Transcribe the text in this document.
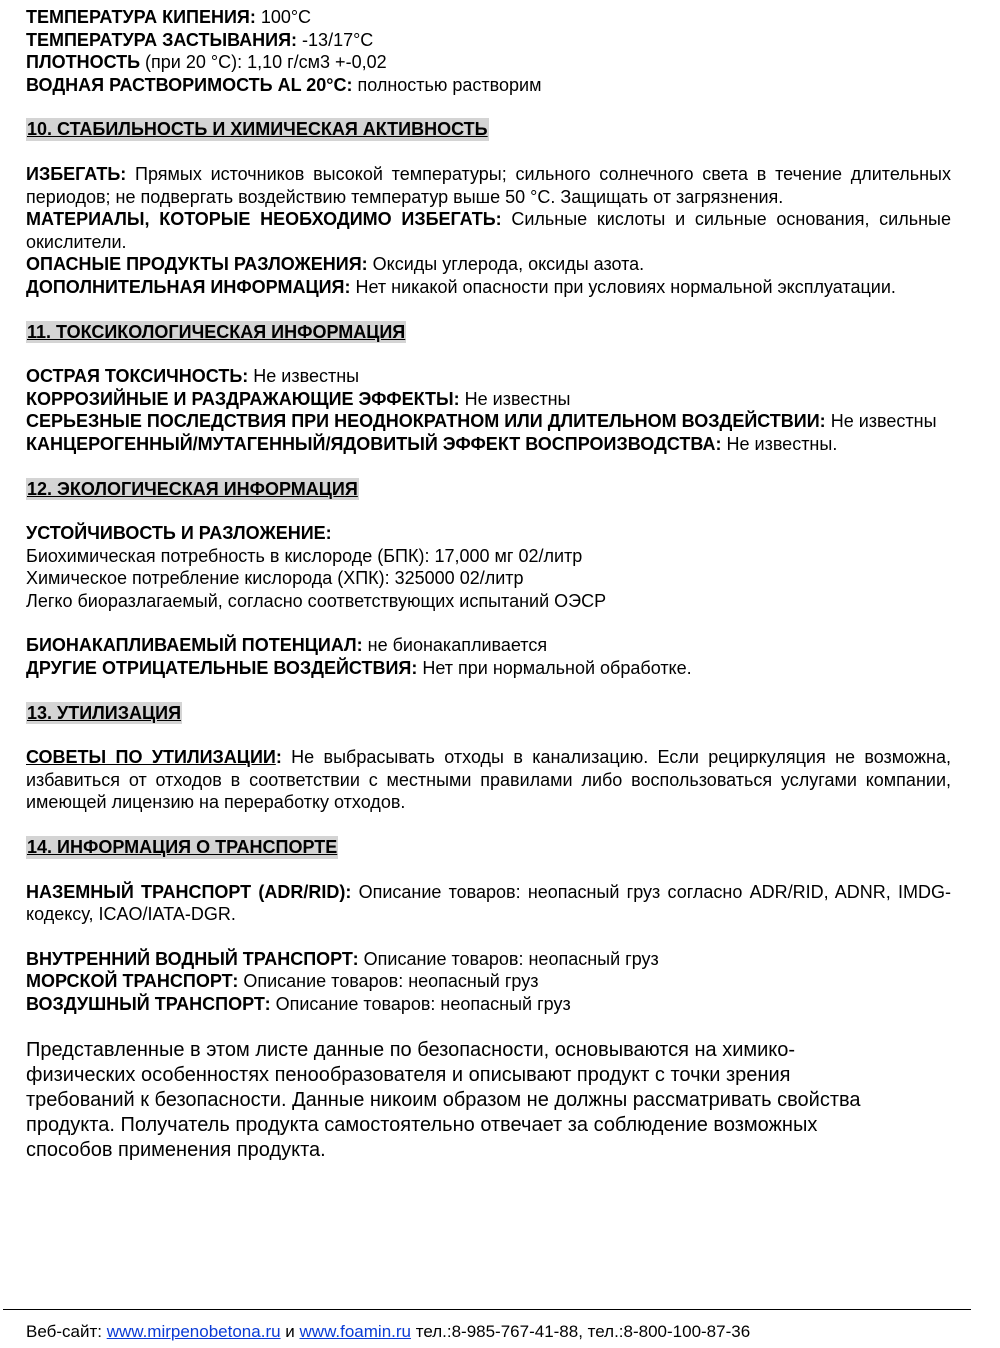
ТЕМПЕРАТУРА КИПЕНИЯ: 100°С

ТЕМПЕРАТУРА ЗАСТЫВАНИЯ: -13/17°С

ПЛОТНОСТЬ (при 20 °С): 1,10 г/см3 +-0,02

ВОДНАЯ РАСТВОРИМОСТЬ AL 20°C: полностью растворим

10. СТАБИЛЬНОСТЬ И ХИМИЧЕСКАЯ АКТИВНОСТЬ

ИЗБЕГАТЬ: Прямых источников высокой температуры; сильного солнечного света в течение длительных периодов; не подвергать воздействию температур выше 50 °С. Защищать от загрязнения.

МАТЕРИАЛЫ, КОТОРЫЕ НЕОБХОДИМО ИЗБЕГАТЬ: Сильные кислоты и сильные основания, сильные окислители.

ОПАСНЫЕ ПРОДУКТЫ РАЗЛОЖЕНИЯ: Оксиды углерода, оксиды азота.

ДОПОЛНИТЕЛЬНАЯ ИНФОРМАЦИЯ: Нет никакой опасности при условиях нормальной эксплуатации.

11. ТОКСИКОЛОГИЧЕСКАЯ ИНФОРМАЦИЯ

ОСТРАЯ ТОКСИЧНОСТЬ: Не известны

КОРРОЗИЙНЫЕ И РАЗДРАЖАЮЩИЕ ЭФФЕКТЫ: Не известны

СЕРЬЕЗНЫЕ ПОСЛЕДСТВИЯ ПРИ НЕОДНОКРАТНОМ ИЛИ ДЛИТЕЛЬНОМ ВОЗДЕЙСТВИИ: Не известны

КАНЦЕРОГЕННЫЙ/МУТАГЕННЫЙ/ЯДОВИТЫЙ ЭФФЕКТ ВОСПРОИЗВОДСТВА: Не известны.

12. ЭКОЛОГИЧЕСКАЯ ИНФОРМАЦИЯ

УСТОЙЧИВОСТЬ И РАЗЛОЖЕНИЕ:

Биохимическая потребность в кислороде (БПК): 17,000 мг 02/литр

Химическое потребление кислорода (ХПК): 325000 02/литр

Легко биоразлагаемый, согласно соответствующих испытаний ОЭСР

БИОНАКАПЛИВАЕМЫЙ ПОТЕНЦИАЛ: не бионакапливается

ДРУГИЕ ОТРИЦАТЕЛЬНЫЕ ВОЗДЕЙСТВИЯ: Нет при нормальной обработке.

13. УТИЛИЗАЦИЯ

СОВЕТЫ ПО УТИЛИЗАЦИИ: Не выбрасывать отходы в канализацию. Если рециркуляция не возможна, избавиться от отходов в соответствии с местными правилами либо воспользоваться услугами компании, имеющей лицензию на переработку отходов.

14. ИНФОРМАЦИЯ О ТРАНСПОРТЕ

НАЗЕМНЫЙ ТРАНСПОРТ (ADR/RID): Описание товаров: неопасный груз согласно ADR/RID, ADNR, IMDG-кодексу, ICAO/IATA-DGR.

ВНУТРЕННИЙ ВОДНЫЙ ТРАНСПОРТ: Описание товаров: неопасный груз

МОРСКОЙ ТРАНСПОРТ: Описание товаров: неопасный груз

ВОЗДУШНЫЙ ТРАНСПОРТ: Описание товаров: неопасный груз

Представленные в этом листе данные по безопасности, основываются на химико-

физических особенностях пенообразователя и описывают продукт с точки зрения

требований к безопасности. Данные никоим образом не должны рассматривать свойства

продукта. Получатель продукта самостоятельно отвечает за соблюдение возможных

способов применения продукта.

Веб-сайт: www.mirpenobetona.ru и www.foamin.ru тел.:8-985-767-41-88, тел.:8-800-100-87-36
